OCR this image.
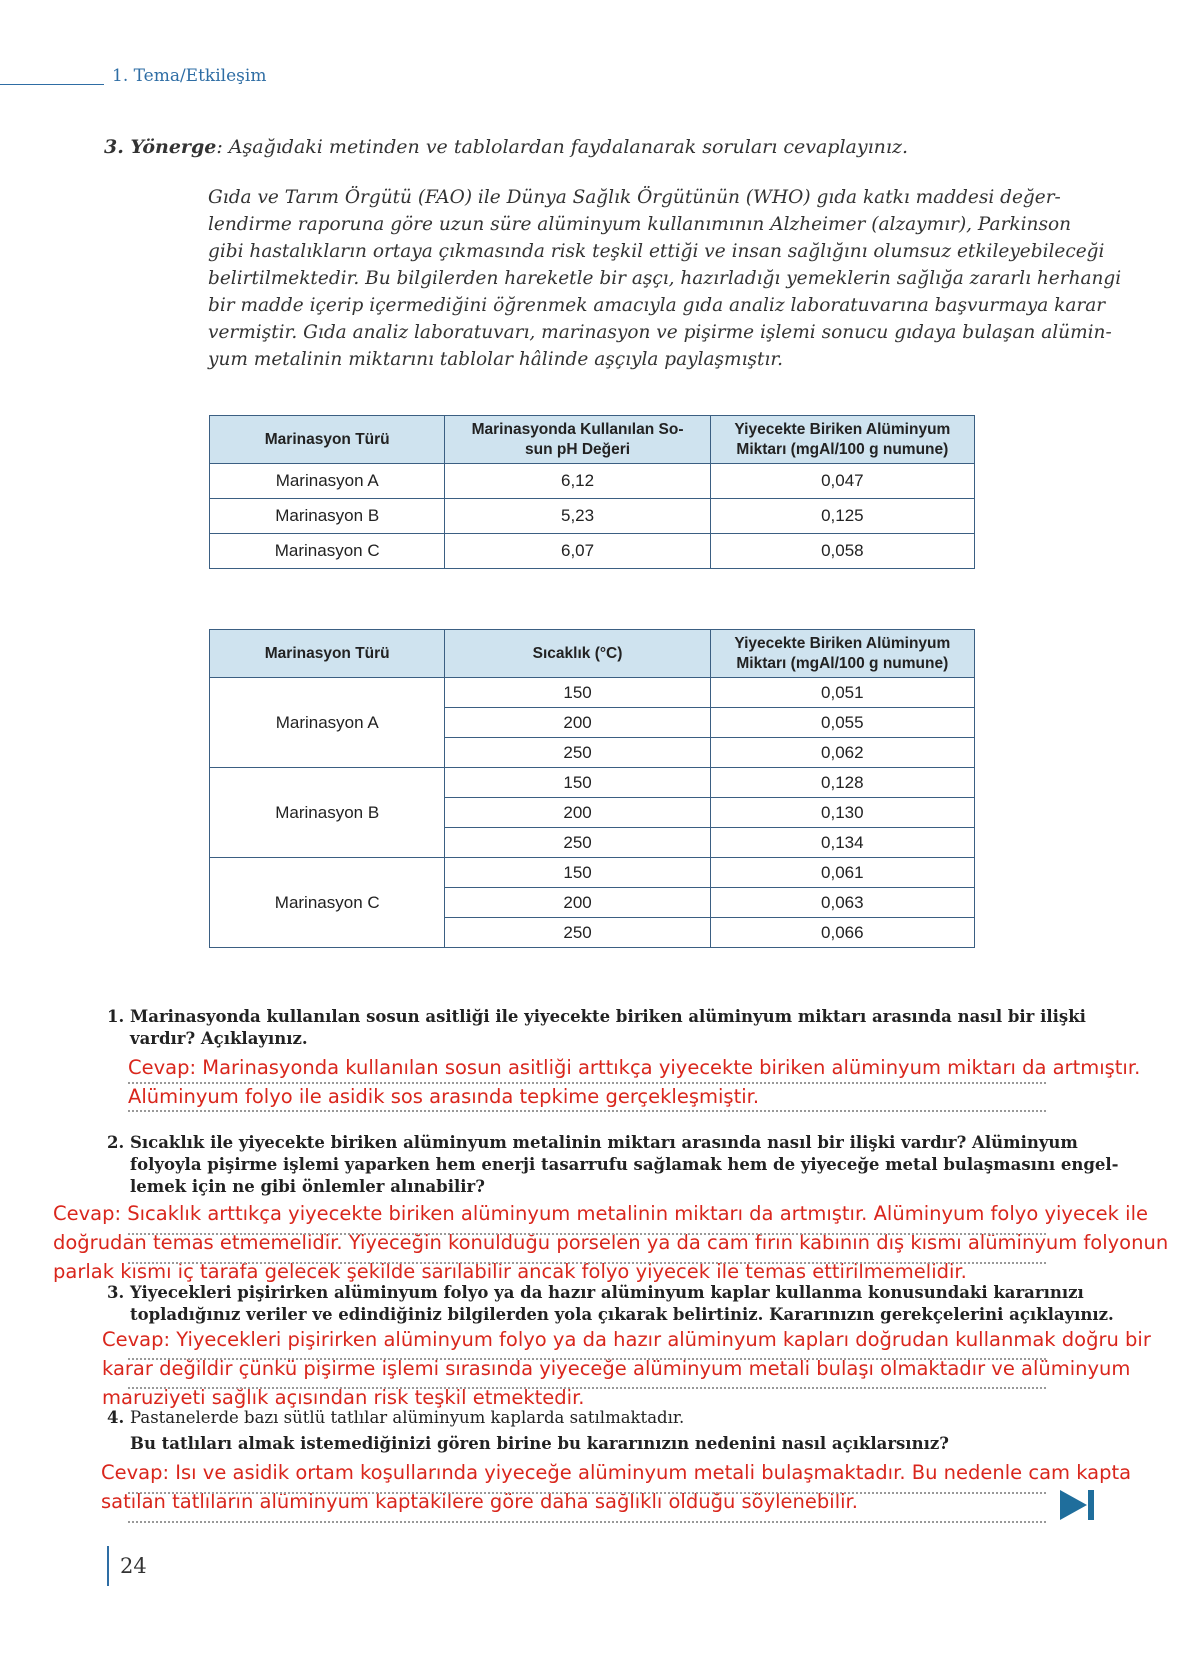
1. Tema/Etkileşim
3. Yönerge: Aşağıdaki metinden ve tablolardan faydalanarak soruları cevaplayınız.
Gıda ve Tarım Örgütü (FAO) ile Dünya Sağlık Örgütünün (WHO) gıda katkı maddesi değer-
lendirme raporuna göre uzun süre alüminyum kullanımının Alzheimer (alzaymır), Parkinson
gibi hastalıkların ortaya çıkmasında risk teşkil ettiği ve insan sağlığını olumsuz etkileyebileceği
belirtilmektedir. Bu bilgilerden hareketle bir aşçı, hazırladığı yemeklerin sağlığa zararlı herhangi
bir madde içerip içermediğini öğrenmek amacıyla gıda analiz laboratuvarına başvurmaya karar
vermiştir. Gıda analiz laboratuvarı, marinasyon ve pişirme işlemi sonucu gıdaya bulaşan alümin-
yum metalinin miktarını tablolar hâlinde aşçıyla paylaşmıştır.
Marinasyon Türü	Marinasyonda Kullanılan So-
sun pH Değeri	Yiyecekte Biriken Alüminyum
Miktarı (mgAl/100 g numune)
Marinasyon A	6,12	0,047
Marinasyon B	5,23	0,125
Marinasyon C	6,07	0,058
Marinasyon Türü	Sıcaklık (°C)	Yiyecekte Biriken Alüminyum
Miktarı (mgAl/100 g numune)
Marinasyon A	150	0,051
	200	0,055
	250	0,062
Marinasyon B	150	0,128
	200	0,130
	250	0,134
Marinasyon C	150	0,061
	200	0,063
	250	0,066
1. Marinasyonda kullanılan sosun asitliği ile yiyecekte biriken alüminyum miktarı arasında nasıl bir ilişki
vardır? Açıklayınız.
Cevap: Marinasyonda kullanılan sosun asitliği arttıkça yiyecekte biriken alüminyum miktarı da artmıştır.
Alüminyum folyo ile asidik sos arasında tepkime gerçekleşmiştir.
2. Sıcaklık ile yiyecekte biriken alüminyum metalinin miktarı arasında nasıl bir ilişki vardır? Alüminyum
folyoyla pişirme işlemi yaparken hem enerji tasarrufu sağlamak hem de yiyeceğe metal bulaşmasını engel-
lemek için ne gibi önlemler alınabilir?
Cevap: Sıcaklık arttıkça yiyecekte biriken alüminyum metalinin miktarı da artmıştır. Alüminyum folyo yiyecek ile
doğrudan temas etmemelidir. Yiyeceğin konulduğu porselen ya da cam fırın kabının dış kısmı alüminyum folyonun
parlak kısmı iç tarafa gelecek şekilde sarılabilir ancak folyo yiyecek ile temas ettirilmemelidir.
3. Yiyecekleri pişirirken alüminyum folyo ya da hazır alüminyum kaplar kullanma konusundaki kararınızı
topladığınız veriler ve edindiğiniz bilgilerden yola çıkarak belirtiniz. Kararınızın gerekçelerini açıklayınız.
Cevap: Yiyecekleri pişirirken alüminyum folyo ya da hazır alüminyum kapları doğrudan kullanmak doğru bir
karar değildir çünkü pişirme işlemi sırasında yiyeceğe alüminyum metali bulaşı olmaktadır ve alüminyum
maruziyeti sağlık açısından risk teşkil etmektedir.
4. Pastanelerde bazı sütlü tatlılar alüminyum kaplarda satılmaktadır.
Bu tatlıları almak istemediğinizi gören birine bu kararınızın nedenini nasıl açıklarsınız?
Cevap: Isı ve asidik ortam koşullarında yiyeceğe alüminyum metali bulaşmaktadır. Bu nedenle cam kapta
satılan tatlıların alüminyum kaptakilere göre daha sağlıklı olduğu söylenebilir.
24
